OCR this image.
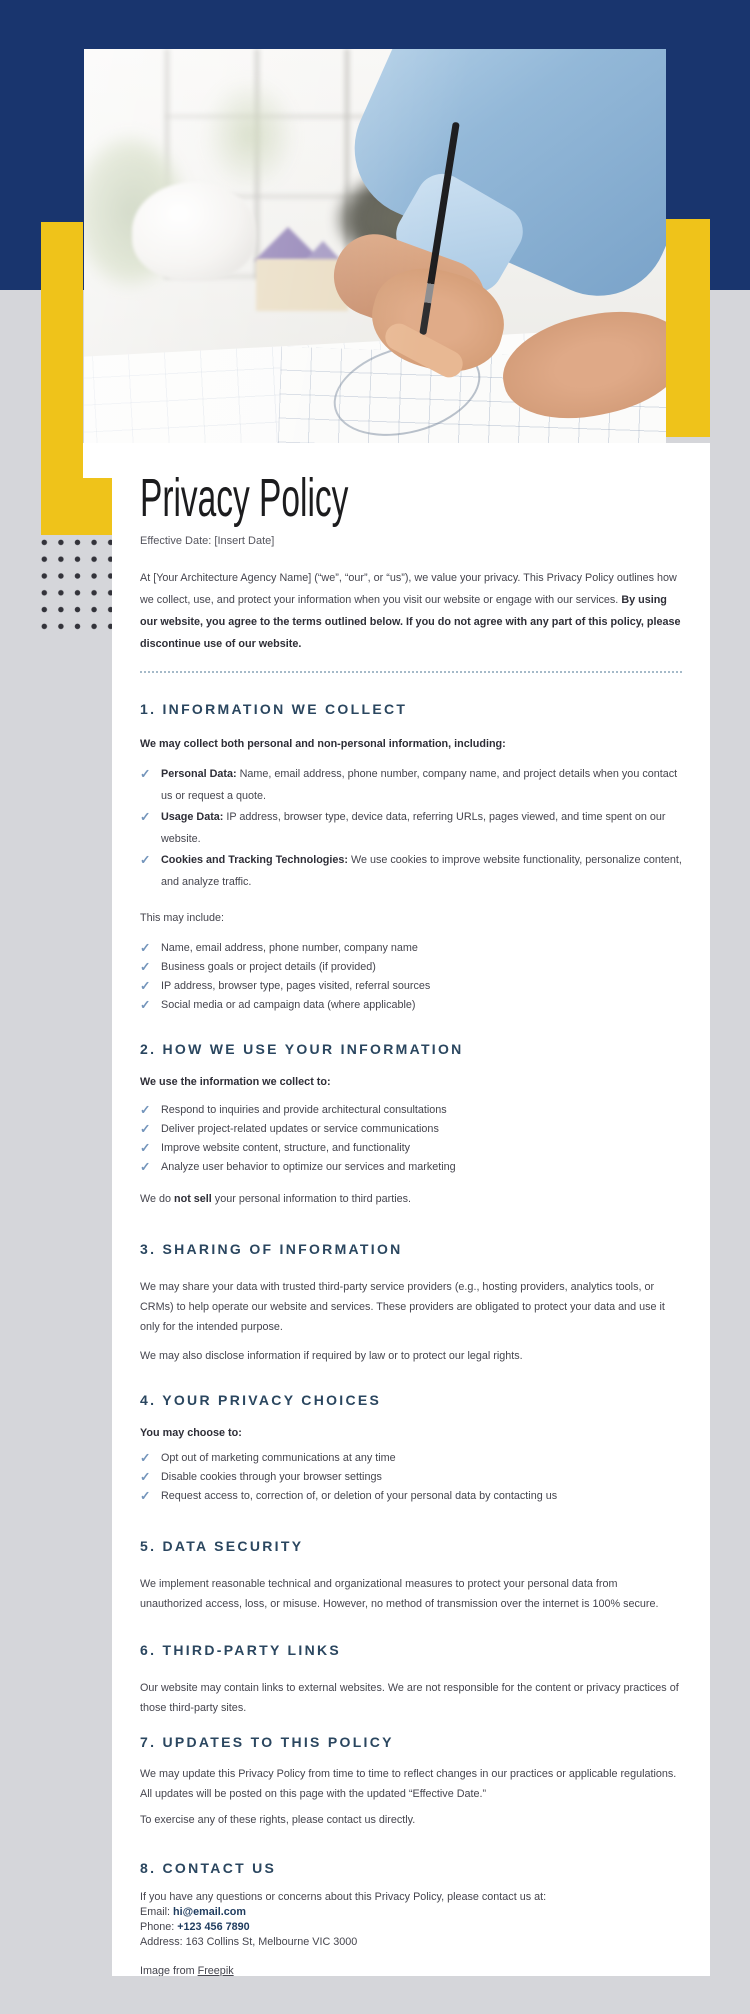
Privacy Policy
Effective Date: [Insert Date]

At [Your Architecture Agency Name] (“we”, “our”, or “us”), we value your privacy. This Privacy Policy outlines how we collect, use, and protect your information when you visit our website or engage with our services. By using our website, you agree to the terms outlined below. If you do not agree with any part of this policy, please discontinue use of our website.

1. INFORMATION WE COLLECT

We may collect both personal and non-personal information, including:

✓ Personal Data: Name, email address, phone number, company name, and project details when you contact us or request a quote.
✓ Usage Data: IP address, browser type, device data, referring URLs, pages viewed, and time spent on our website.
✓ Cookies and Tracking Technologies: We use cookies to improve website functionality, personalize content, and analyze traffic.

This may include:

✓ Name, email address, phone number, company name
✓ Business goals or project details (if provided)
✓ IP address, browser type, pages visited, referral sources
✓ Social media or ad campaign data (where applicable)
2. HOW WE USE YOUR INFORMATION

We use the information we collect to:

✓ Respond to inquiries and provide architectural consultations
✓ Deliver project-related updates or service communications
✓ Improve website content, structure, and functionality
✓ Analyze user behavior to optimize our services and marketing

We do not sell your personal information to third parties.

3. SHARING OF INFORMATION

We may share your data with trusted third-party service providers (e.g., hosting providers, analytics tools, or CRMs) to help operate our website and services. These providers are obligated to protect your data and use it only for the intended purpose.

We may also disclose information if required by law or to protect our legal rights.

4. YOUR PRIVACY CHOICES

You may choose to:

✓ Opt out of marketing communications at any time
✓ Disable cookies through your browser settings
✓ Request access to, correction of, or deletion of your personal data by contacting us
5. DATA SECURITY

We implement reasonable technical and organizational measures to protect your personal data from unauthorized access, loss, or misuse. However, no method of transmission over the internet is 100% secure.

6. THIRD-PARTY LINKS

Our website may contain links to external websites. We are not responsible for the content or privacy practices of those third-party sites.

7. UPDATES TO THIS POLICY

We may update this Privacy Policy from time to time to reflect changes in our practices or applicable regulations. All updates will be posted on this page with the updated “Effective Date.”

To exercise any of these rights, please contact us directly.

8. CONTACT US

If you have any questions or concerns about this Privacy Policy, please contact us at:
Email: hi@email.com
Phone: +123 456 7890
Address: 163 Collins St, Melbourne VIC 3000

Image from Freepik
